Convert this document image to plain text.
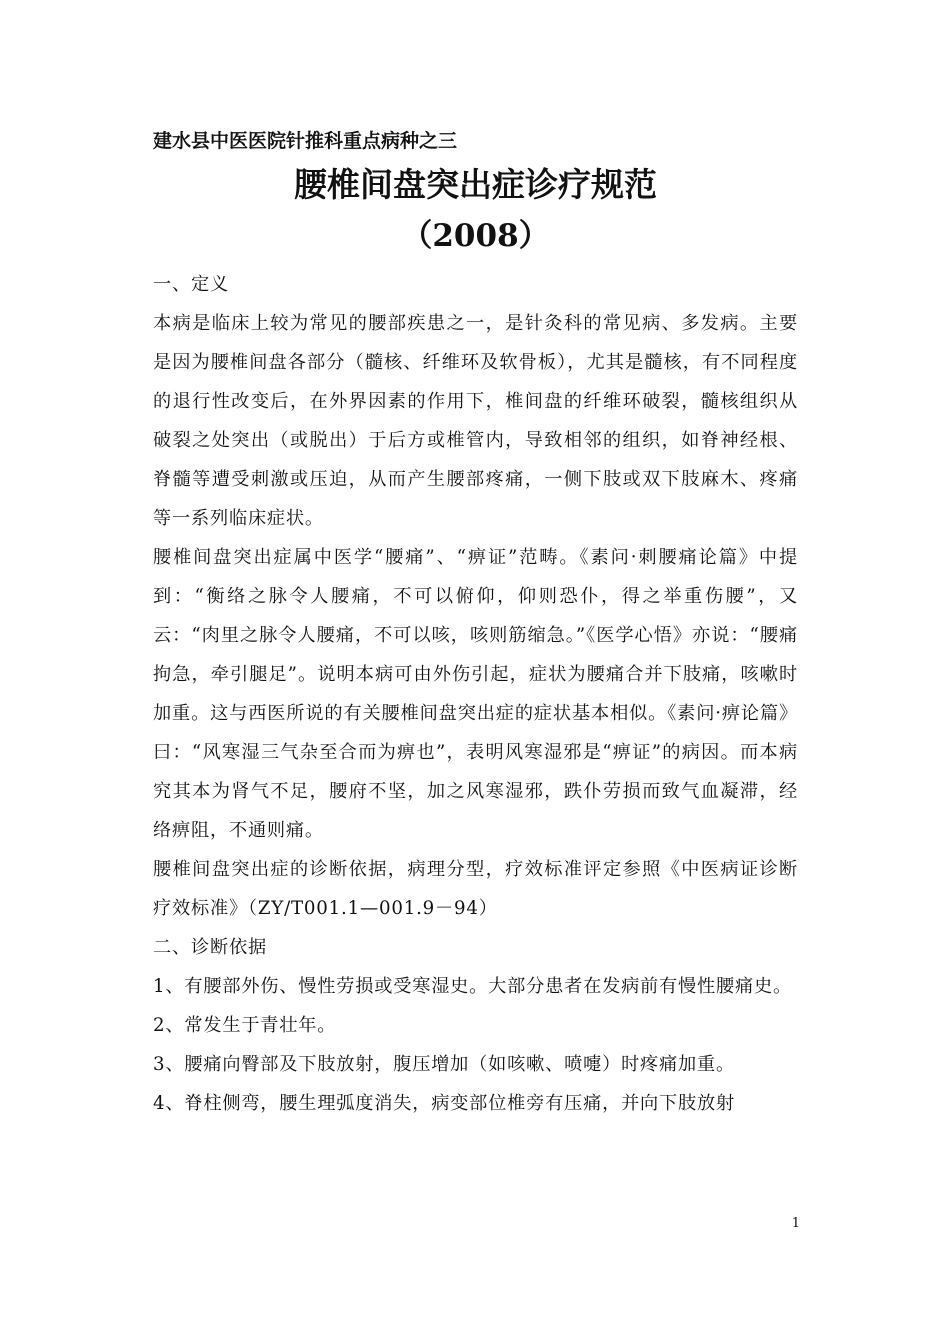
建水县中医医院针推科重点病种之三
腰椎间盘突出症诊疗规范
（2008）

一、定义

本病是临床上较为常见的腰部疾患之一，是针灸科的常见病、多发病。主要是因为腰椎间盘各部分（髓核、纤维环及软骨板），尤其是髓核，有不同程度的退行性改变后，在外界因素的作用下，椎间盘的纤维环破裂，髓核组织从破裂之处突出（或脱出）于后方或椎管内，导致相邻的组织，如脊神经根、脊髓等遭受刺激或压迫，从而产生腰部疼痛，一侧下肢或双下肢麻木、疼痛等一系列临床症状。

腰椎间盘突出症属中医学“腰痛”、“痹证”范畴。《素问·刺腰痛论篇》中提到：“衡络之脉令人腰痛，不可以俯仰，仰则恐仆，得之举重伤腰”，又云：“肉里之脉令人腰痛，不可以咳，咳则筋缩急。”《医学心悟》亦说：“腰痛拘急，牵引腿足”。说明本病可由外伤引起，症状为腰痛合并下肢痛，咳嗽时加重。这与西医所说的有关腰椎间盘突出症的症状基本相似。《素问·痹论篇》曰：“风寒湿三气杂至合而为痹也”，表明风寒湿邪是“痹证”的病因。而本病究其本为肾气不足，腰府不坚，加之风寒湿邪，跌仆劳损而致气血凝滞，经络痹阻，不通则痛。

腰椎间盘突出症的诊断依据，病理分型，疗效标准评定参照《中医病证诊断疗效标准》（ZY/T001.1—001.9－94）

二、诊断依据

1、有腰部外伤、慢性劳损或受寒湿史。大部分患者在发病前有慢性腰痛史。

2、常发生于青壮年。

3、腰痛向臀部及下肢放射，腹压增加（如咳嗽、喷嚏）时疼痛加重。

4、脊柱侧弯，腰生理弧度消失，病变部位椎旁有压痛，并向下肢放射

1
